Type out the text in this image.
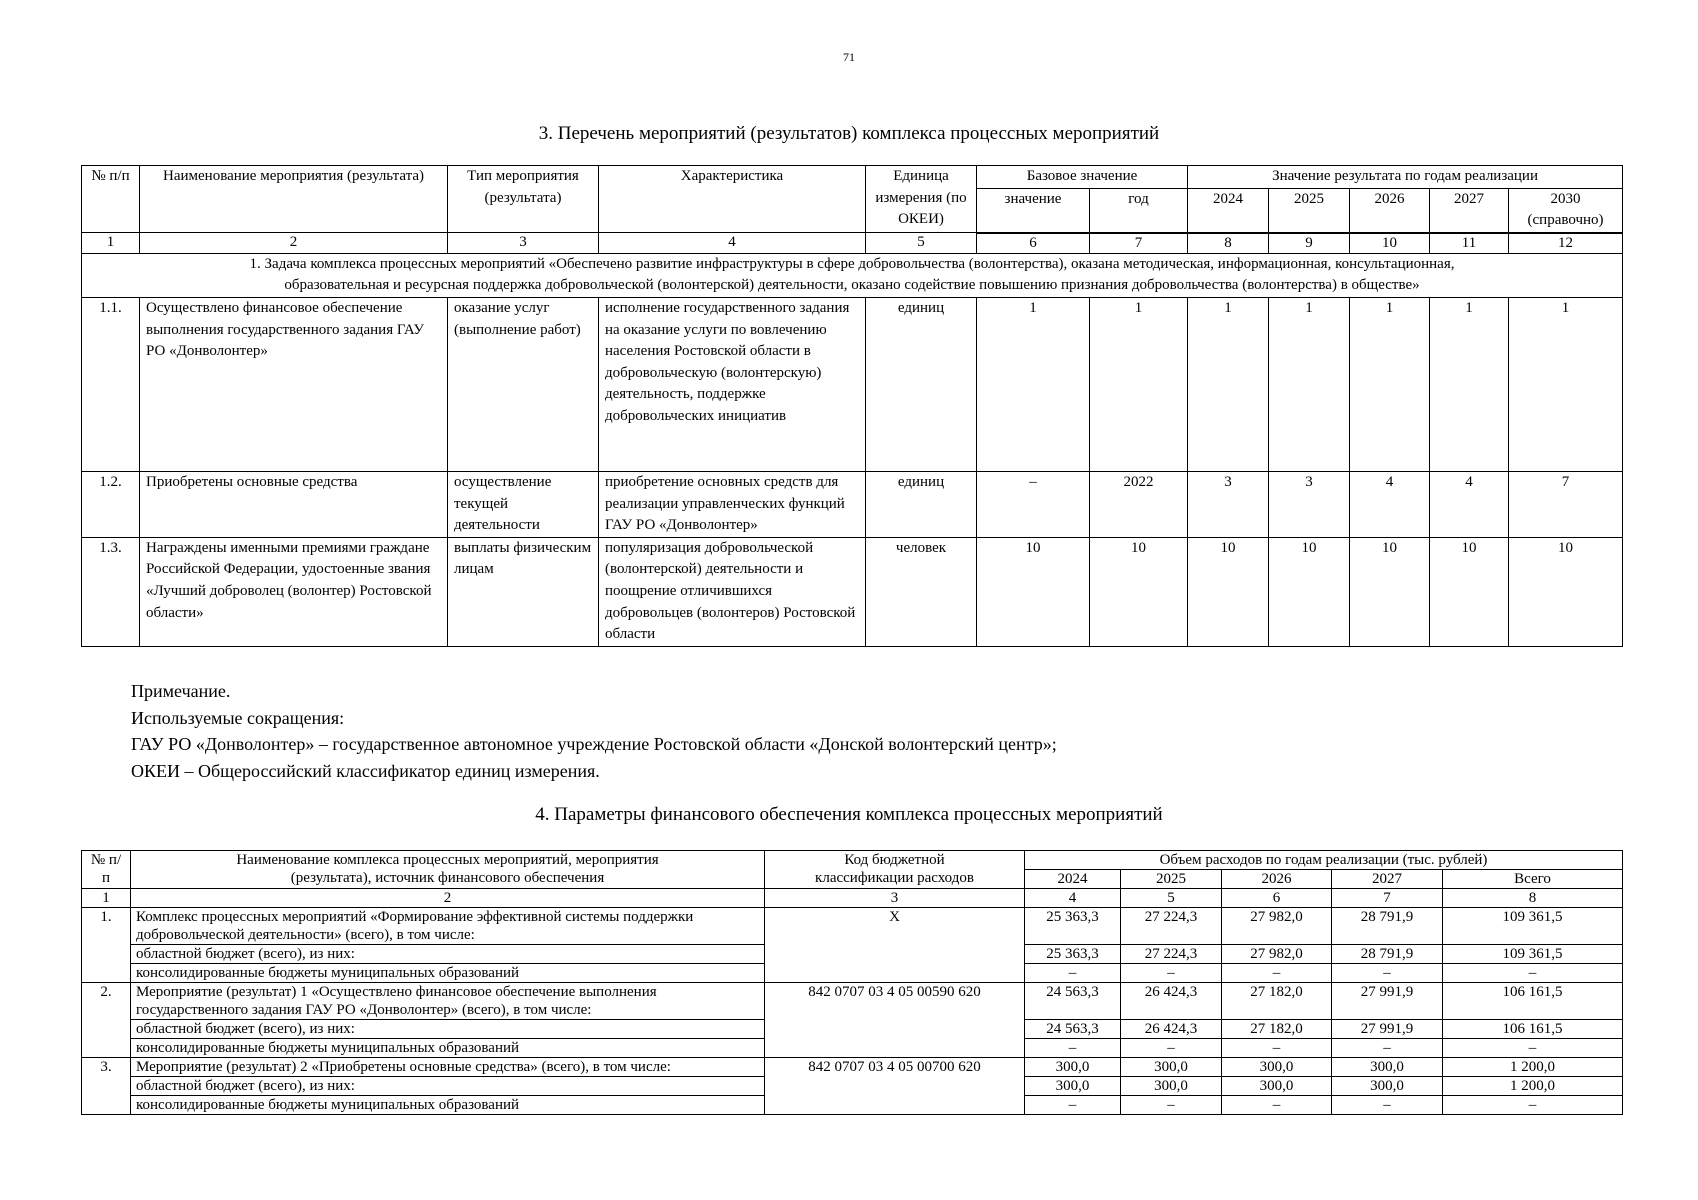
71
3. Перечень мероприятий (результатов) комплекса процессных мероприятий
№ п/п	Наименование мероприятия (результата)	Тип мероприятия (результата)	Характеристика	Единица измерения (по ОКЕИ)	Базовое значение		Значение результата по годам реализации				
					значение	год	2024	2025	2026	2027	2030 (справочно)
1	2	3	4	5	6	7	8	9	10	11	12
1. Задача комплекса процессных мероприятий «Обеспечено развитие инфраструктуры в сфере добровольчества (волонтерства), оказана методическая, информационная, консультационная, образовательная и ресурсная поддержка добровольческой (волонтерской) деятельности, оказано содействие повышению признания добровольчества (волонтерства) в обществе»											
1.1.	Осуществлено финансовое обеспечение выполнения государственного задания ГАУ РО «Донволонтер»	оказание услуг (выполнение работ)	исполнение государственного задания на оказание услуги по вовлечению населения Ростовской области в добровольческую (волонтерскую) деятельность, поддержке добровольческих инициатив	единиц	1	1	1	1	1	1	1
1.2.	Приобретены основные средства	осуществление текущей деятельности	приобретение основных средств для реализации управленческих функций ГАУ РО «Донволонтер»	единиц	–	2022	3	3	4	4	7
1.3.	Награждены именными премиями граждане Российской Федерации, удостоенные звания «Лучший доброволец (волонтер) Ростовской области»	выплаты физическим лицам	популяризация добровольческой (волонтерской) деятельности и поощрение отличившихся добровольцев (волонтеров) Ростовской области	человек	10	10	10	10	10	10	10
Примечание.
Используемые сокращения:
ГАУ РО «Донволонтер» – государственное автономное учреждение Ростовской области «Донской волонтерский центр»;
ОКЕИ – Общероссийский классификатор единиц измерения.
4. Параметры финансового обеспечения комплекса процессных мероприятий
№ п/п	Наименование комплекса процессных мероприятий, мероприятия (результата), источник финансового обеспечения	Код бюджетной классификации расходов	Объем расходов по годам реализации (тыс. рублей)				
			2024	2025	2026	2027	Всего
1	2	3	4	5	6	7	8
1.	Комплекс процессных мероприятий «Формирование эффективной системы поддержки добровольческой деятельности» (всего), в том числе:	Х	25 363,3	27 224,3	27 982,0	28 791,9	109 361,5
	областной бюджет (всего), из них:		25 363,3	27 224,3	27 982,0	28 791,9	109 361,5
	консолидированные бюджеты муниципальных образований		–	–	–	–	–
2.	Мероприятие (результат) 1 «Осуществлено финансовое обеспечение выполнения государственного задания ГАУ РО «Донволонтер» (всего), в том числе:	842 0707 03 4 05 00590 620	24 563,3	26 424,3	27 182,0	27 991,9	106 161,5
	областной бюджет (всего), из них:		24 563,3	26 424,3	27 182,0	27 991,9	106 161,5
	консолидированные бюджеты муниципальных образований		–	–	–	–	–
3.	Мероприятие (результат) 2 «Приобретены основные средства» (всего), в том числе:	842 0707 03 4 05 00700 620	300,0	300,0	300,0	300,0	1 200,0
	областной бюджет (всего), из них:		300,0	300,0	300,0	300,0	1 200,0
	консолидированные бюджеты муниципальных образований		–	–	–	–	–
